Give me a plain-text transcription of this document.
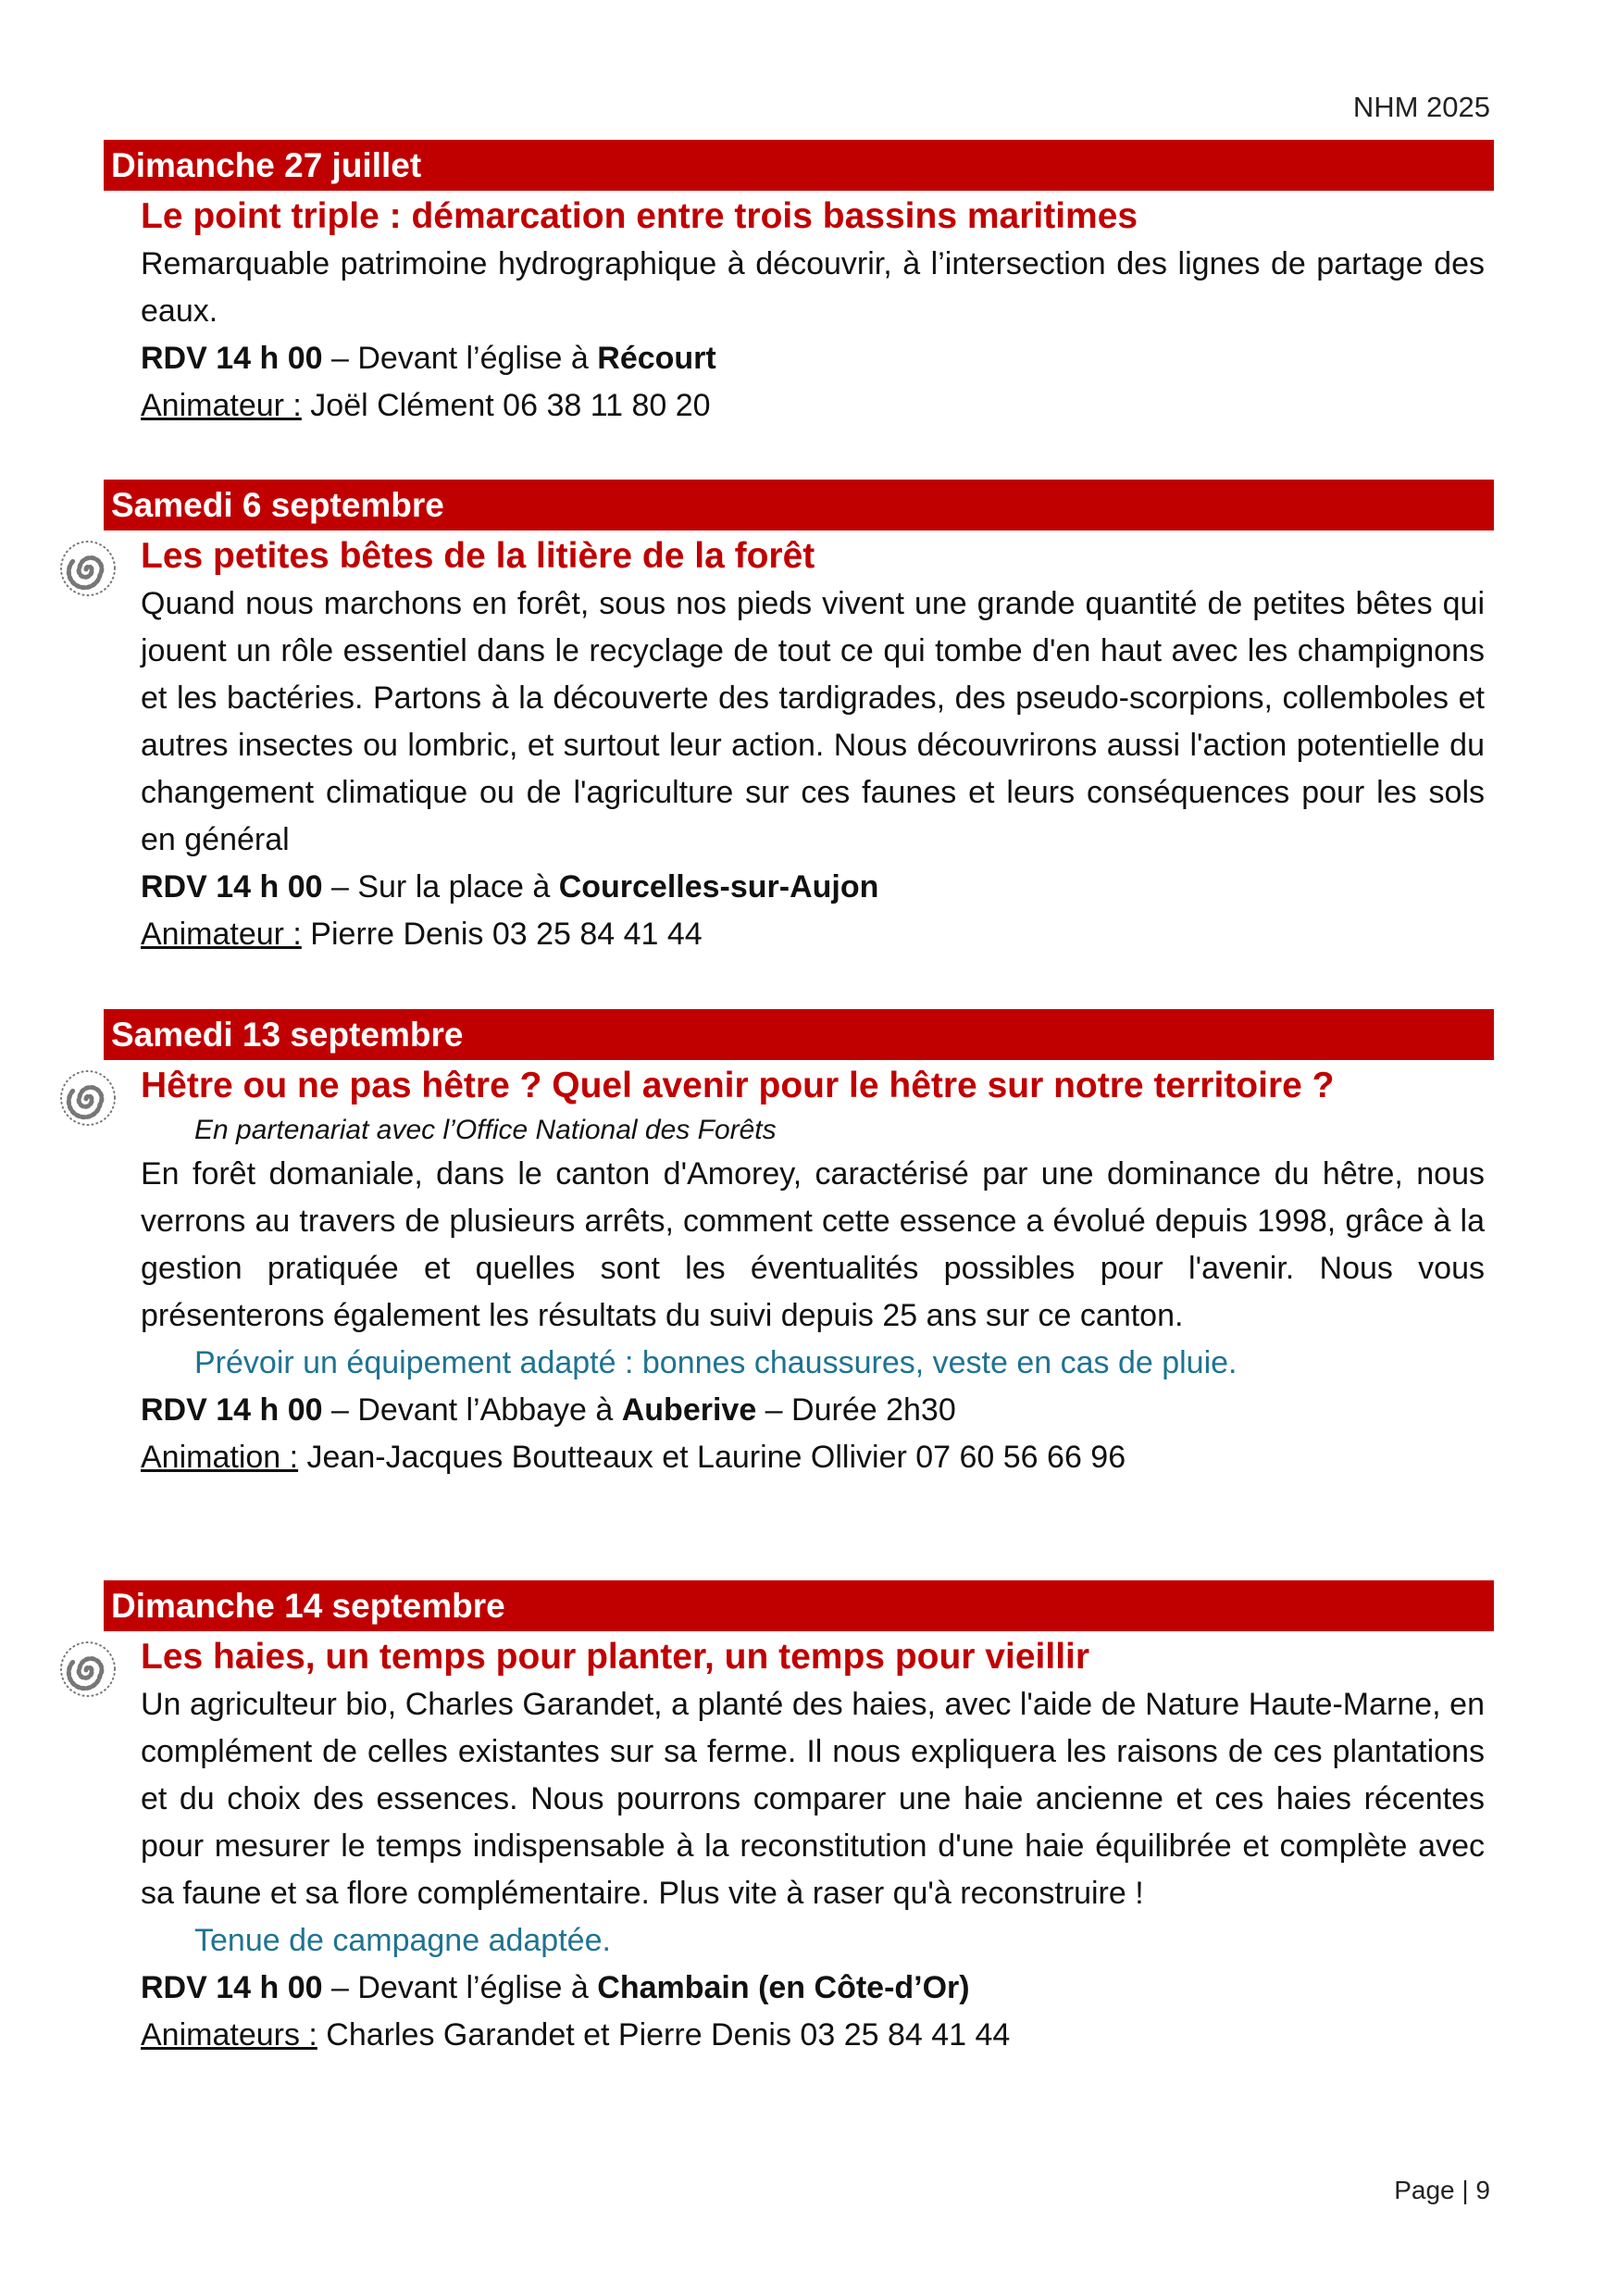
NHM 2025
Dimanche 27 juillet
Le point triple : démarcation entre trois bassins maritimes
Remarquable patrimoine hydrographique à découvrir, à l’intersection des lignes de partage des eaux.
RDV 14 h 00 – Devant l’église à Récourt
Animateur : Joël Clément 06 38 11 80 20
Samedi 6 septembre
Les petites bêtes de la litière de la forêt
Quand nous marchons en forêt, sous nos pieds vivent une grande quantité de petites bêtes qui jouent un rôle essentiel dans le recyclage de tout ce qui tombe d'en haut avec les champignons et les bactéries. Partons à la découverte des tardigrades, des pseudo-scorpions, collemboles et autres insectes ou lombric, et surtout leur action. Nous découvrirons aussi l'action potentielle du changement climatique ou de l'agriculture sur ces faunes et leurs conséquences pour les sols en général
RDV 14 h 00 – Sur la place à Courcelles-sur-Aujon
Animateur : Pierre Denis 03 25 84 41 44
Samedi 13 septembre
Hêtre ou ne pas hêtre ? Quel avenir pour le hêtre sur notre territoire ?
En partenariat avec l’Office National des Forêts
En forêt domaniale, dans le canton d'Amorey, caractérisé par une dominance du hêtre, nous verrons au travers de plusieurs arrêts, comment cette essence a évolué depuis 1998, grâce à la gestion pratiquée et quelles sont les éventualités possibles pour l'avenir. Nous vous présenterons également les résultats du suivi depuis 25 ans sur ce canton.
Prévoir un équipement adapté : bonnes chaussures, veste en cas de pluie.
RDV 14 h 00 – Devant l’Abbaye à Auberive – Durée 2h30
Animation : Jean-Jacques Boutteaux et Laurine Ollivier 07 60 56 66 96
Dimanche 14 septembre
Les haies, un temps pour planter, un temps pour vieillir
Un agriculteur bio, Charles Garandet, a planté des haies, avec l'aide de Nature Haute-Marne, en complément de celles existantes sur sa ferme. Il nous expliquera les raisons de ces plantations et du choix des essences. Nous pourrons comparer une haie ancienne et ces haies récentes pour mesurer le temps indispensable à la reconstitution d'une haie équilibrée et complète avec sa faune et sa flore complémentaire. Plus vite à raser qu'à reconstruire !
Tenue de campagne adaptée.
RDV 14 h 00 – Devant l’église à Chambain (en Côte-d’Or)
Animateurs : Charles Garandet et Pierre Denis 03 25 84 41 44
Page | 9
